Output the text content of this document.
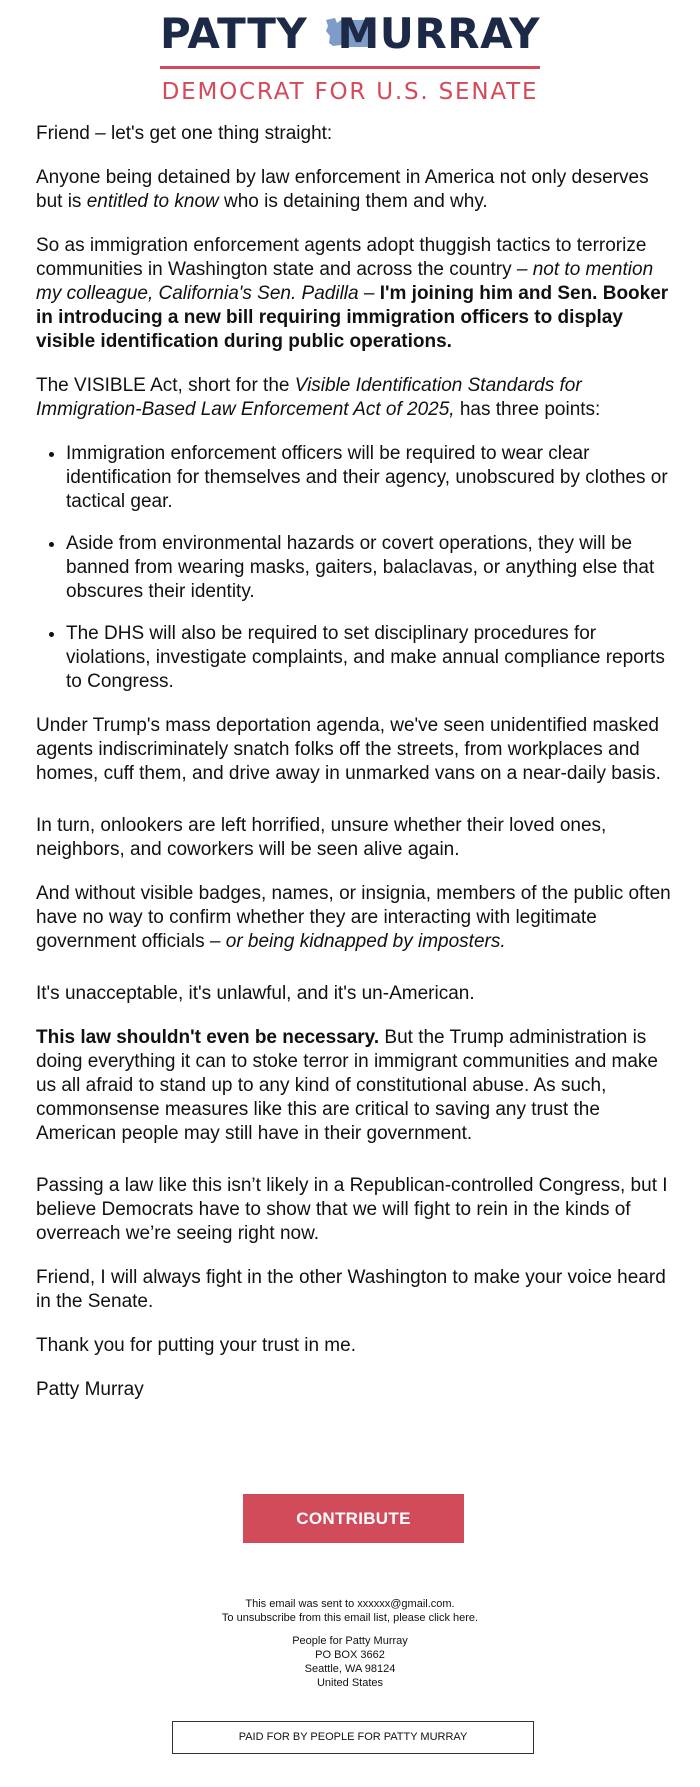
PATTY MURRAY
DEMOCRAT FOR U.S. SENATE

Friend – let's get one thing straight:

Anyone being detained by law enforcement in America not only deserves but is entitled to know who is detaining them and why.

So as immigration enforcement agents adopt thuggish tactics to terrorize communities in Washington state and across the country – not to mention my colleague, California's Sen. Padilla – I'm joining him and Sen. Booker in introducing a new bill requiring immigration officers to display visible identification during public operations.

The VISIBLE Act, short for the Visible Identification Standards for Immigration-Based Law Enforcement Act of 2025, has three points:

• Immigration enforcement officers will be required to wear clear identification for themselves and their agency, unobscured by clothes or tactical gear.
• Aside from environmental hazards or covert operations, they will be banned from wearing masks, gaiters, balaclavas, or anything else that obscures their identity.
• The DHS will also be required to set disciplinary procedures for violations, investigate complaints, and make annual compliance reports to Congress.

Under Trump's mass deportation agenda, we've seen unidentified masked agents indiscriminately snatch folks off the streets, from workplaces and homes, cuff them, and drive away in unmarked vans on a near-daily basis.

In turn, onlookers are left horrified, unsure whether their loved ones, neighbors, and coworkers will be seen alive again.

And without visible badges, names, or insignia, members of the public often have no way to confirm whether they are interacting with legitimate government officials – or being kidnapped by imposters.

It's unacceptable, it's unlawful, and it's un-American.

This law shouldn't even be necessary. But the Trump administration is doing everything it can to stoke terror in immigrant communities and make us all afraid to stand up to any kind of constitutional abuse. As such, commonsense measures like this are critical to saving any trust the American people may still have in their government.

Passing a law like this isn’t likely in a Republican-controlled Congress, but I believe Democrats have to show that we will fight to rein in the kinds of overreach we’re seeing right now.

Friend, I will always fight in the other Washington to make your voice heard in the Senate.

Thank you for putting your trust in me.

Patty Murray

CONTRIBUTE
This email was sent to xxxxxx@gmail.com.
To unsubscribe from this email list, please click here.
People for Patty Murray
PO BOX 3662
Seattle, WA 98124
United States
PAID FOR BY PEOPLE FOR PATTY MURRAY
